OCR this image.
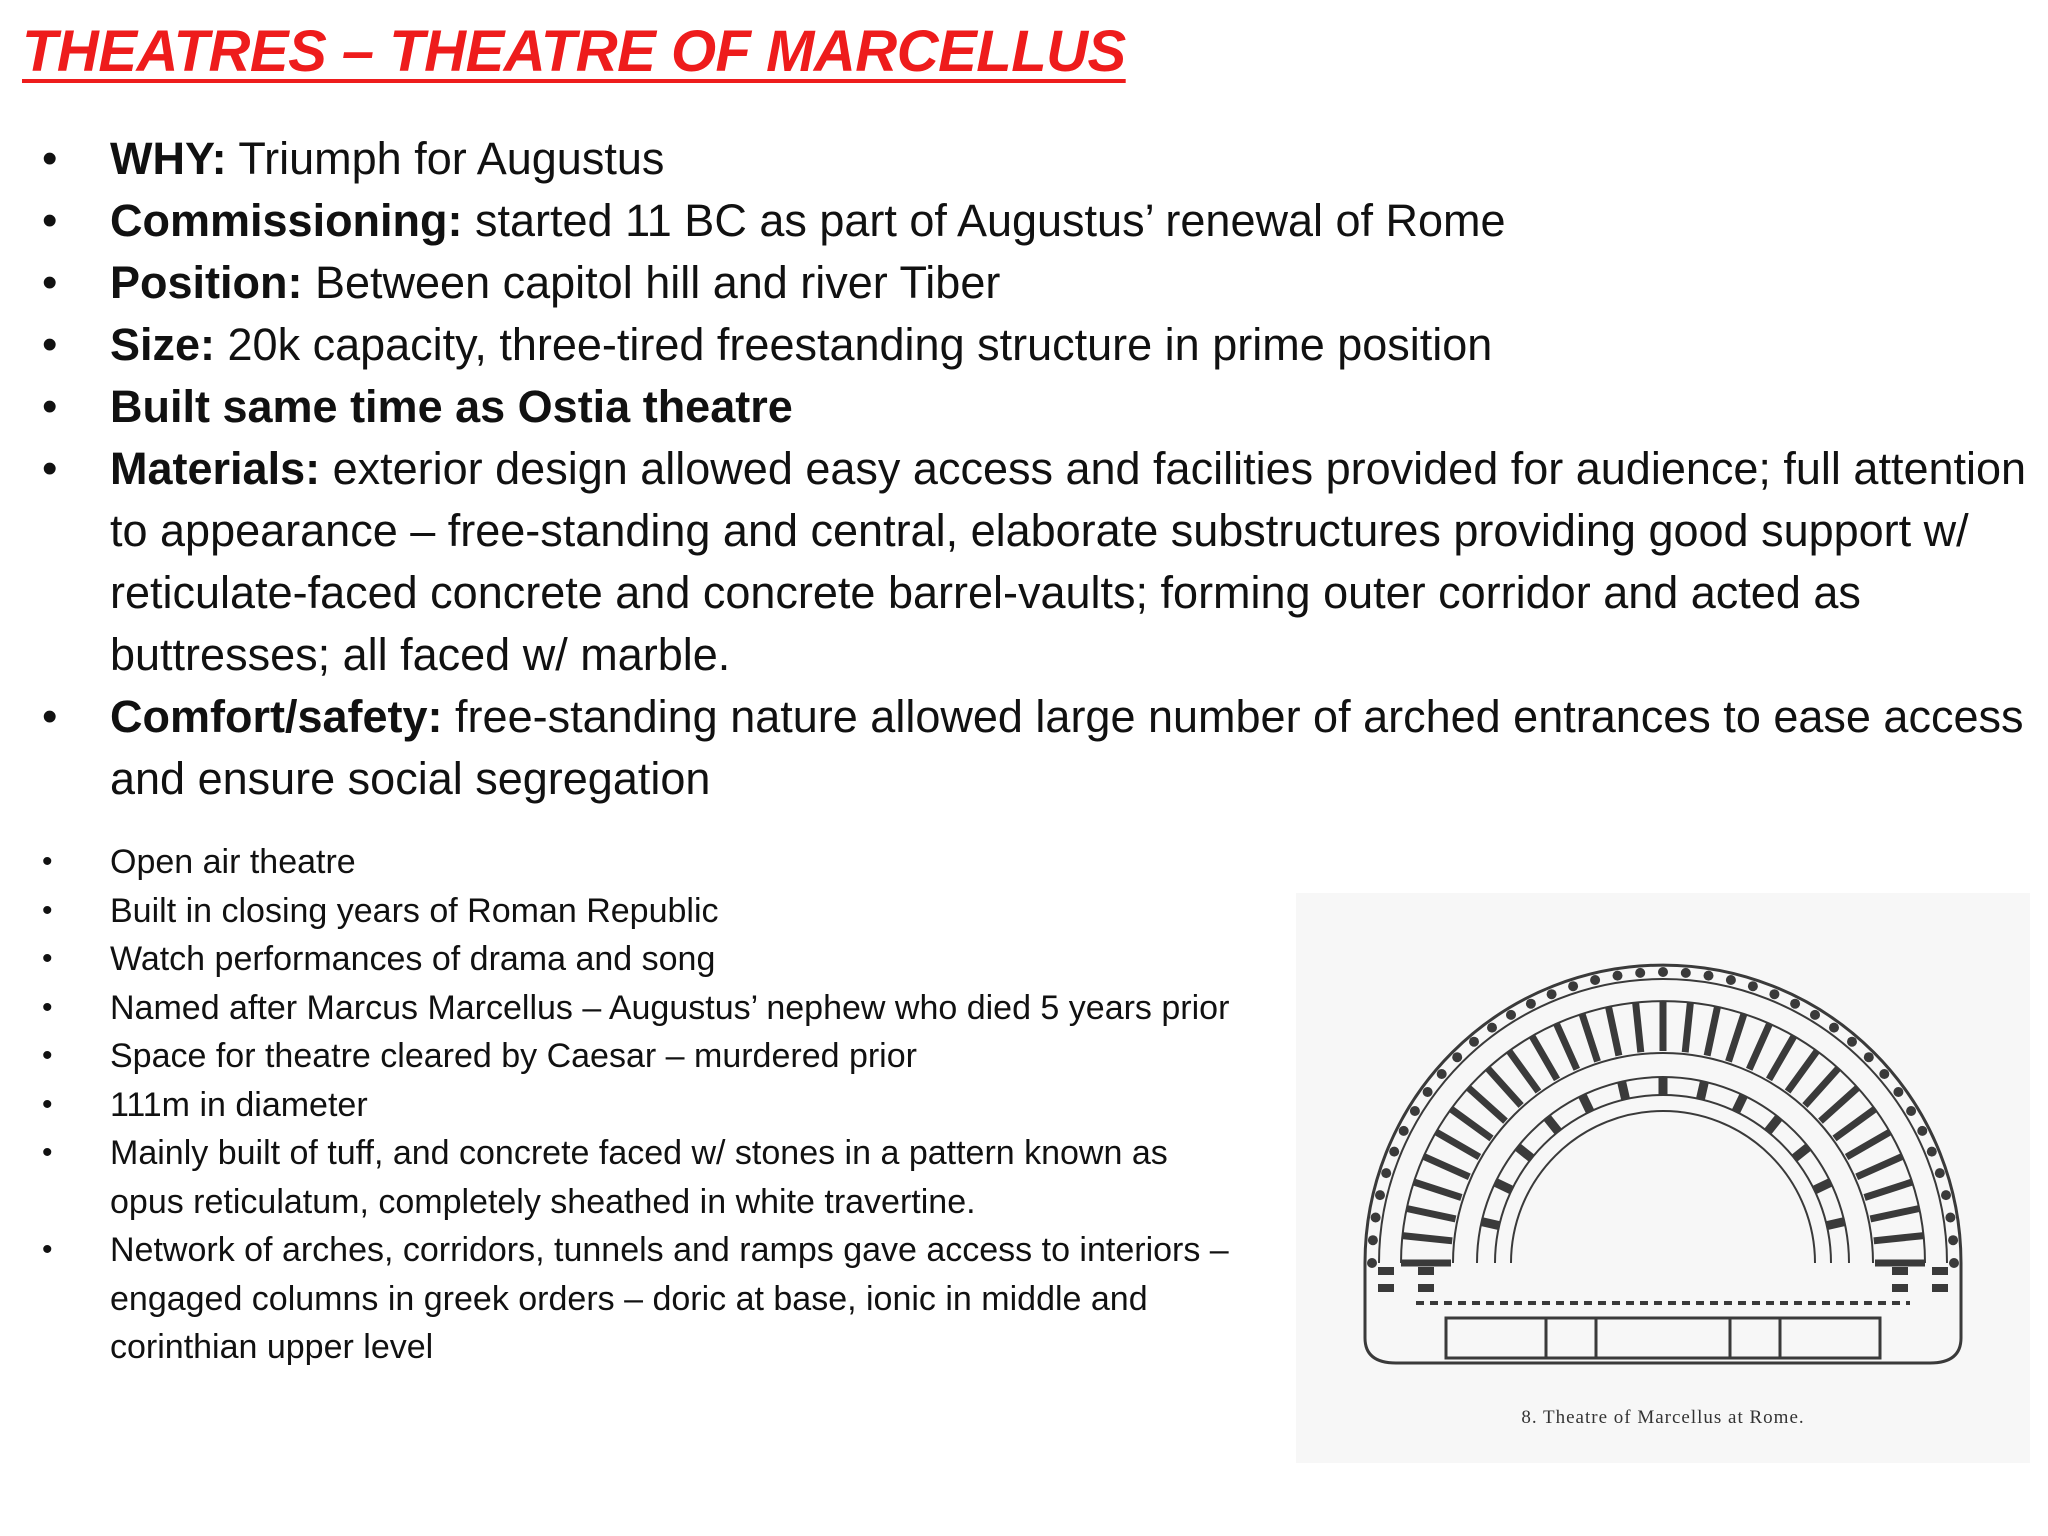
THEATRES – THEATRE OF MARCELLUS
• WHY: Triumph for Augustus
• Commissioning: started 11 BC as part of Augustus’ renewal of Rome
• Position: Between capitol hill and river Tiber
• Size: 20k capacity, three-tired freestanding structure in prime position
• Built same time as Ostia theatre
• Materials: exterior design allowed easy access and facilities provided for audience; full attention to appearance – free-standing and central, elaborate substructures providing good support w/ reticulate-faced concrete and concrete barrel-vaults; forming outer corridor and acted as buttresses; all faced w/ marble.
• Comfort/safety: free-standing nature allowed large number of arched entrances to ease access and ensure social segregation
• Open air theatre
• Built in closing years of Roman Republic
• Watch performances of drama and song
• Named after Marcus Marcellus – Augustus’ nephew who died 5 years prior
• Space for theatre cleared by Caesar – murdered prior
• 111m in diameter
• Mainly built of tuff, and concrete faced w/ stones in a pattern known as opus reticulatum, completely sheathed in white travertine.
• Network of arches, corridors, tunnels and ramps gave access to interiors – engaged columns in greek orders – doric at base, ionic in middle and corinthian upper level
8. Theatre of Marcellus at Rome.
